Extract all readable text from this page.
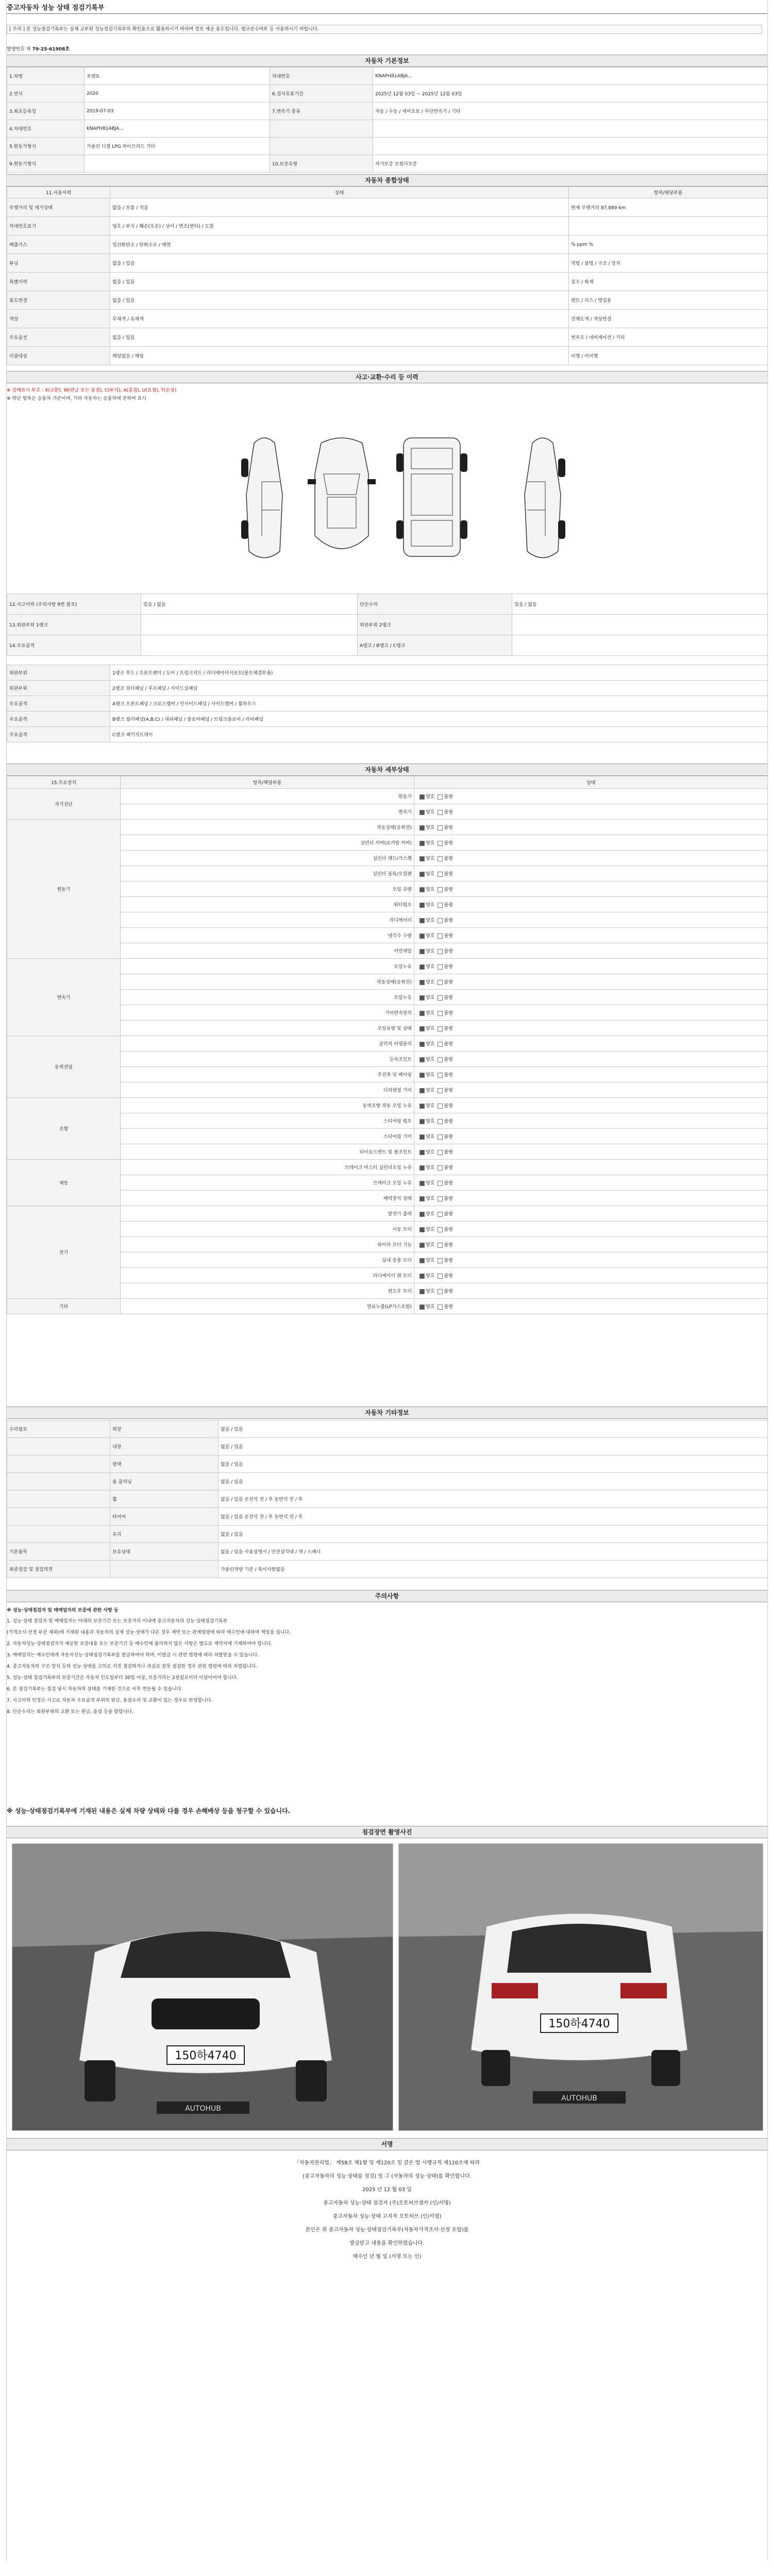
중고자동차 성능 상태 점검기록부
[ 주의 ] 본 성능점검기록부는 실제 교부된 성능점검기록부의 확인용으로 활용하시기 바라며 정보 제공 용도입니다. 법규준수여부 등 사용하시기 바랍니다.
발행번호 제 79-25-61908호
자동차 기본정보
1.차명	쏘렌토	차대번호	KNAPH81ABJA...
2.연식	2020	6.검사유효기간	2025년 12월 03일 ~ 2025년 12월 03일
3.최초등록일	2019-07-03	7.변속기 종류	자동 / 수동 / 세미오토 / 무단변속기 / 기타
4.차대번호	KNAPH81ABJA...		
5.원동기형식	가솔린 디젤 LPG 하이브리드 기타		
9.원동기형식		10.보증유형	자가보증 보험사보증
자동차 종합상태
11.사용이력	상태	항목/해당부품
주행거리 및 계기상태	많음 / 보통 / 적음	현재 주행거리 87,889 km
차대번호표기	양호 / 부식 / 훼손(오손) / 상이 / 변조(변타) / 도말	
배출가스	일산화탄소 / 탄화수소 / 매연	% ppm %
튜닝	없음 / 있음	적법 / 불법 / 구조 / 장치
특별이력	없음 / 있음	침수 / 화재
용도변경	없음 / 있음	렌트 / 리스 / 영업용
색상	무채색 / 유채색	전체도색 / 색상변경
주요옵션	없음 / 있음	썬루프 / 네비게이션 / 기타
리콜대상	해당없음 / 해당	이행 / 미이행
사고·교환·수리 등 이력
※ 상태표시 부호 : X(교환), W(판금 또는 용접), C(부식), A(흠집), U(요철), T(손상)
※ 하단 항목은 승용차 기준이며, 기타 자동차는 승용차에 준하여 표시
12.사고이력 (주의사항 9번 참조)	있음 / 없음	단순수리	있음 / 없음
13.외판부위 1랭크		외판부위 2랭크	
14.주요골격		A랭크 / B랭크 / C랭크	
외판부위	1랭크 후드 / 프론트펜더 / 도어 / 트렁크리드 / 라디에이터서포트(볼트체결부품)
외판부위	2랭크 쿼터패널 / 루프패널 / 사이드실패널
주요골격	A랭크 프론트패널 / 크로스멤버 / 인사이드패널 / 사이드멤버 / 휠하우스
주요골격	B랭크 필러패널(A,B,C) / 대쉬패널 / 플로어패널 / 트렁크플로어 / 리어패널
주요골격	C랭크 패키지트레이
자동차 세부상태
15.주요장치	항목/해당부품	상태
자기진단	원동기	양호 불량
	변속기	양호 불량
원동기	작동상태(공회전)	양호 불량
	실린더 커버(로커암 커버)	양호 불량
	실린더 헤드/가스켓	양호 불량
	실린더 블록/오일팬	양호 불량
	오일 유량	양호 불량
	워터펌프	양호 불량
	라디에이터	양호 불량
	냉각수 수량	양호 불량
	커먼레일	양호 불량
변속기	오일누유	양호 불량
	작동상태(공회전)	양호 불량
	오일누유	양호 불량
	기어변속장치	양호 불량
	오일유량 및 상태	양호 불량
동력전달	클러치 어셈블리	양호 불량
	등속조인트	양호 불량
	추진축 및 베어링	양호 불량
	디퍼렌셜 기어	양호 불량
조향	동력조향 작동 오일 누유	양호 불량
	스티어링 펌프	양호 불량
	스티어링 기어	양호 불량
	타이로드엔드 및 볼조인트	양호 불량
제동	브레이크 마스터 실린더오일 누유	양호 불량
	브레이크 오일 누유	양호 불량
	배력장치 상태	양호 불량
전기	발전기 출력	양호 불량
	시동 모터	양호 불량
	와이퍼 모터 기능	양호 불량
	실내 송풍 모터	양호 불량
	라디에이터 팬 모터	양호 불량
	윈도우 모터	양호 불량
기타	연료누출(LP가스포함)	양호 불량
자동차 기타정보
수리필요	외장	없음 / 있음
	내장	없음 / 있음
	광택	없음 / 있음
	룸 클리닝	없음 / 있음
	휠	없음 / 있음 운전석 전 / 후 동반석 전 / 후
	타이어	없음 / 있음 운전석 전 / 후 동반석 전 / 후
	유리	없음 / 있음
기본품목	보유상태	없음 / 있음 사용설명서 / 안전삼각대 / 잭 / 스패너
최종점검 및 점검의견		가솔린차량 기준 / 특이사항없음
주의사항
※ 성능·상태점검자 및 매매업자의 보증에 관한 사항 등
1. 성능·상태 점검자 및 매매업자는 아래의 보증기간 또는 보증거리 이내에 중고자동차의 성능·상태점검기록부
(가격조사·산정 부문 제외)에 기재된 내용과 자동차의 실제 성능·상태가 다른 경우 계약 또는 관계법령에 따라 매수인에 대하여 책임을 집니다.
2. 자동차성능·상태점검자가 제공한 보증내용 또는 보증기간 등 매수인에 불리하지 않은 사항은 별도로 계약서에 기재하여야 합니다.
3. 매매업자는 매수인에게 자동차성능·상태점검기록부를 발급하여야 하며, 미발급 시 관련 법령에 따라 처벌받을 수 있습니다.
4. 중고자동차의 구조·장치 등의 성능·상태를 고의로 거짓 점검하거나 과실로 잘못 점검한 경우 관련 법령에 따라 처벌됩니다.
5. 성능·상태 점검기록부의 보증기간은 자동차 인도일부터 30일 이상, 보증거리는 2천킬로미터 이상이어야 합니다.
6. 본 점검기록부는 점검 당시 자동차의 상태를 기재한 것으로 이후 변동될 수 있습니다.
7. 사고이력 인정은 사고로 자동차 주요골격 부위의 판금, 용접수리 및 교환이 있는 경우로 한정합니다.
8. 단순수리는 외판부위의 교환 또는 판금, 용접 등을 말합니다.
※ 성능·상태점검기록부에 기재된 내용은 실제 차량 상태와 다를 경우 손해배상 등을 청구할 수 있습니다.
점검장면 촬영사진
150하4740
AUTOHUB
150하4740
AUTOHUB
서명
「자동차관리법」 제58조 제1항 및 제120조 및 같은 법 시행규칙 제120조에 따라
(중고자동차의 성능·상태를 점검) 및 그 (자동차의 성능·상태)를 확인합니다.
2025 년 12 월 03 일
중고자동차 성능·상태 점검자 (주)오토허브셀카 (인/서명)
중고자동차 성능·상태 고지자 오토허브 (인/서명)
본인은 위 중고자동차 성능·상태점검기록부(자동차가격조사·산정 포함)를
발급받고 내용을 확인하였습니다.
매수인 년 월 일 (서명 또는 인)
